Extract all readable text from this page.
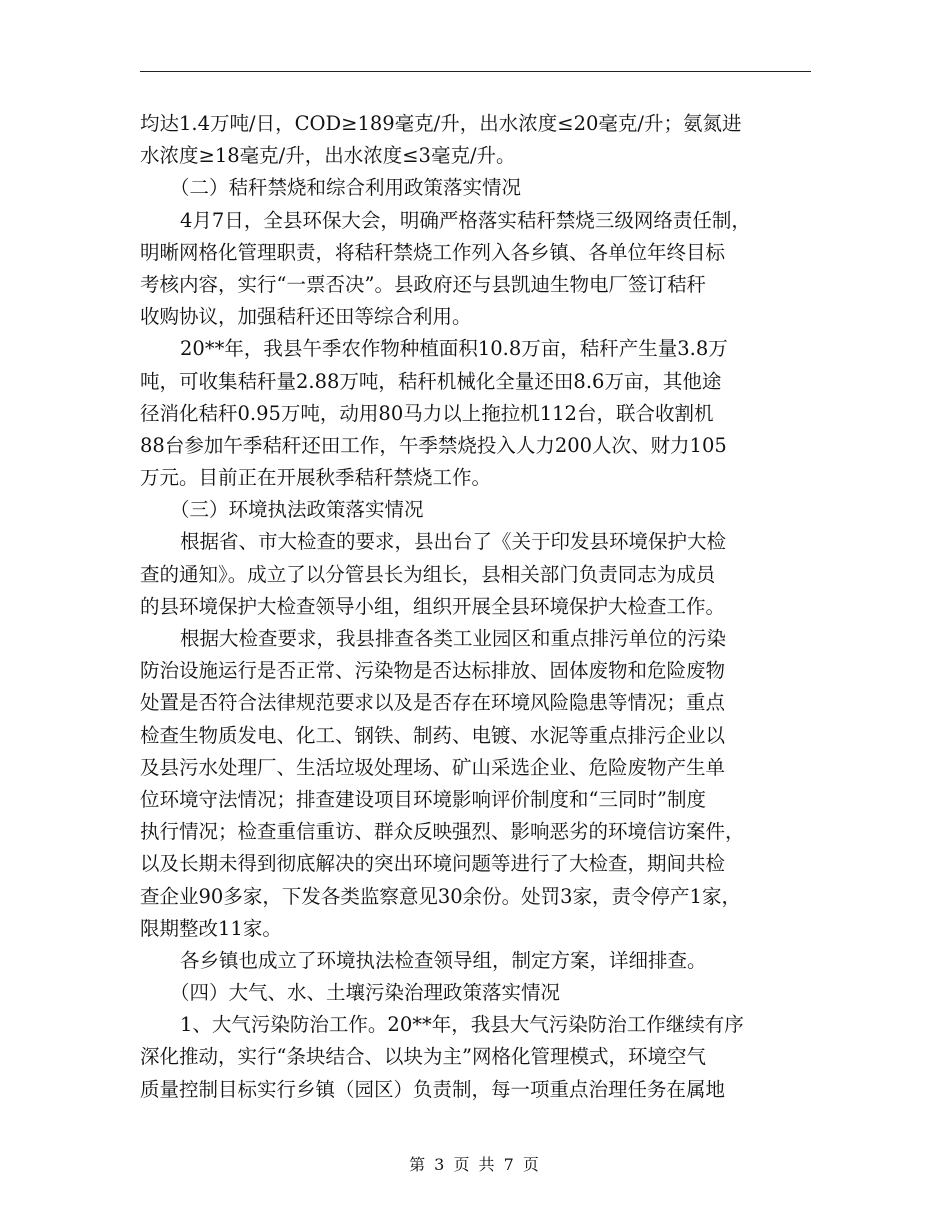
均达1.4万吨/日，COD≥189毫克/升，出水浓度≤20毫克/升；氨氮进
水浓度≥18毫克/升，出水浓度≤3毫克/升。
（二）秸秆禁烧和综合利用政策落实情况
4月7日，全县环保大会，明确严格落实秸秆禁烧三级网络责任制，
明晰网格化管理职责，将秸秆禁烧工作列入各乡镇、各单位年终目标
考核内容，实行“一票否决”。县政府还与县凯迪生物电厂签订秸秆
收购协议，加强秸秆还田等综合利用。
20**年，我县午季农作物种植面积10.8万亩，秸秆产生量3.8万
吨，可收集秸秆量2.88万吨，秸秆机械化全量还田8.6万亩，其他途
径消化秸秆0.95万吨，动用80马力以上拖拉机112台，联合收割机
88台参加午季秸秆还田工作，午季禁烧投入人力200人次、财力105
万元。目前正在开展秋季秸秆禁烧工作。
（三）环境执法政策落实情况
根据省、市大检查的要求，县出台了《关于印发县环境保护大检
查的通知》。成立了以分管县长为组长，县相关部门负责同志为成员
的县环境保护大检查领导小组，组织开展全县环境保护大检查工作。
根据大检查要求，我县排查各类工业园区和重点排污单位的污染
防治设施运行是否正常、污染物是否达标排放、固体废物和危险废物
处置是否符合法律规范要求以及是否存在环境风险隐患等情况；重点
检查生物质发电、化工、钢铁、制药、电镀、水泥等重点排污企业以
及县污水处理厂、生活垃圾处理场、矿山采选企业、危险废物产生单
位环境守法情况；排查建设项目环境影响评价制度和“三同时”制度
执行情况；检查重信重访、群众反映强烈、影响恶劣的环境信访案件，
以及长期未得到彻底解决的突出环境问题等进行了大检查，期间共检
查企业90多家，下发各类监察意见30余份。处罚3家，责令停产1家，
限期整改11家。
各乡镇也成立了环境执法检查领导组，制定方案，详细排查。
（四）大气、水、土壤污染治理政策落实情况
1、大气污染防治工作。20**年，我县大气污染防治工作继续有序
深化推动，实行“条块结合、以块为主”网格化管理模式，环境空气
质量控制目标实行乡镇（园区）负责制，每一项重点治理任务在属地
第 3 页 共 7 页
